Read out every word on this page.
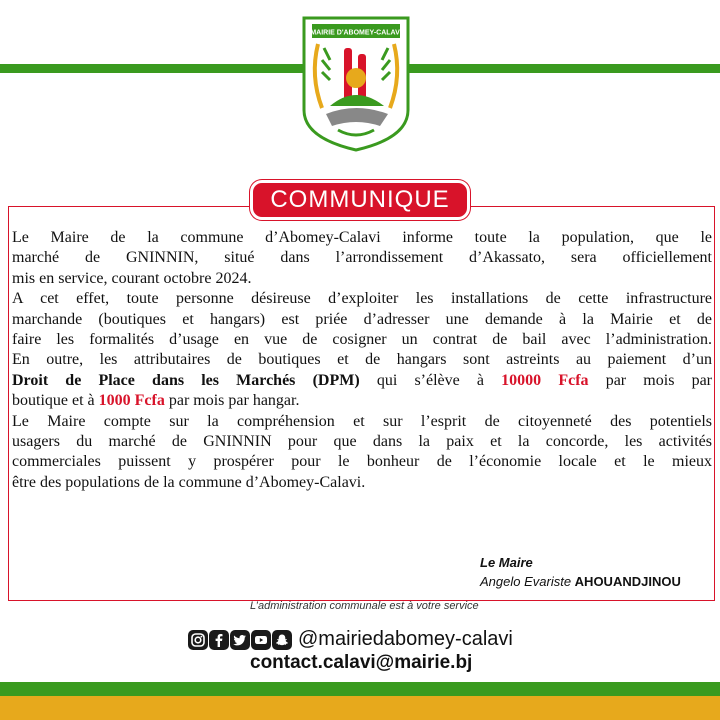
MAIRIE D'ABOMEY-CALAVI
COMMUNIQUE

Le Maire de la commune d’Abomey-Calavi informe toute la population, que le

marché de GNINNIN, situé dans l’arrondissement d’Akassato, sera officiellement

mis en service, courant octobre 2024.

A cet effet, toute personne désireuse d’exploiter les installations de cette infrastructure

marchande (boutiques et hangars) est priée d’adresser une demande à la Mairie et de

faire les formalités d’usage en vue de cosigner un contrat de bail avec l’administration.

En outre, les attributaires de boutiques et de hangars sont astreints au paiement d’un

Droit de Place dans les Marchés (DPM) qui s’élève à 10000 Fcfa par mois par

boutique et à 1000 Fcfa par mois par hangar.

Le Maire compte sur la compréhension et sur l’esprit de citoyenneté des potentiels

usagers du marché de GNINNIN pour que dans la paix et la concorde, les activités

commerciales puissent y prospérer pour le bonheur de l’économie locale et le mieux

être des populations de la commune d’Abomey-Calavi.

Le Maire
Angelo Evariste AHOUANDJINOU
L’administration communale est à votre service
@mairiedabomey-calavi
contact.calavi@mairie.bj
